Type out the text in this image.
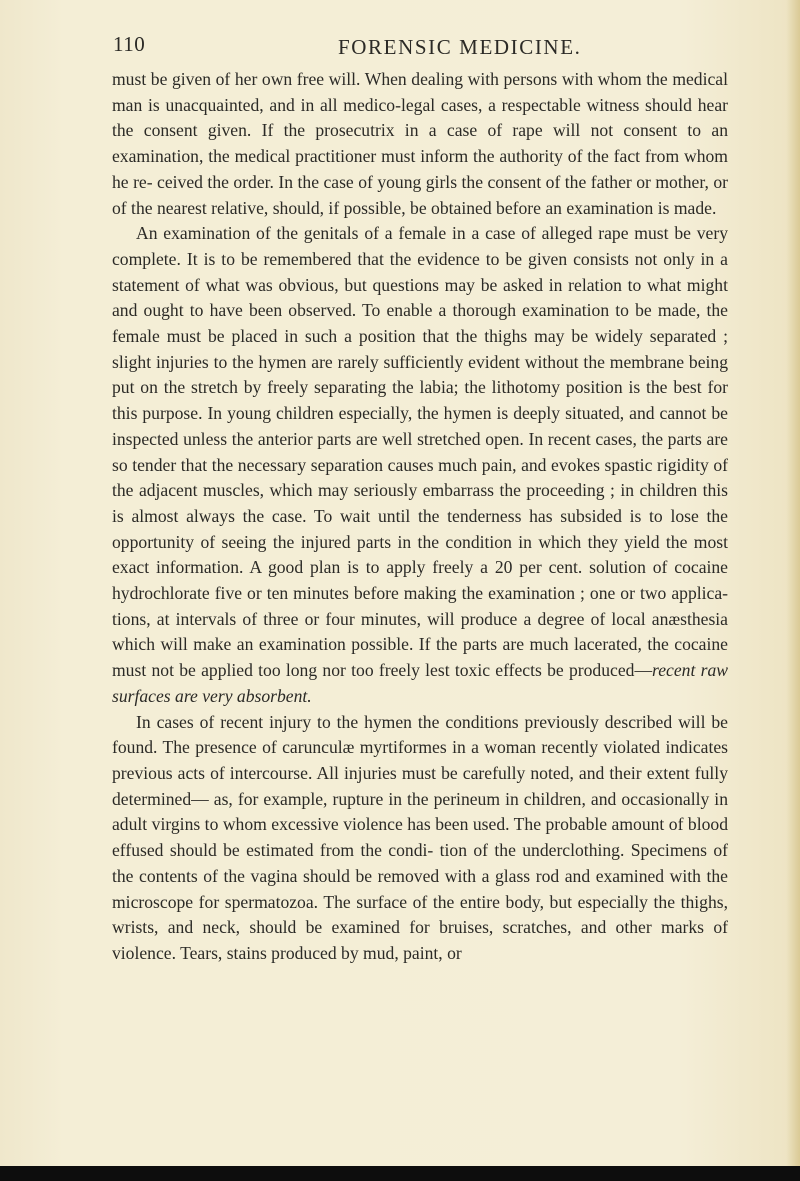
110	FORENSIC MEDICINE.

must be given of her own free will. When dealing with persons with whom the medical man is unacquainted, and in all medico-legal cases, a respectable witness should hear the consent given. If the prosecutrix in a case of rape will not consent to an examination, the medical practitioner must inform the authority of the fact from whom he re- ceived the order. In the case of young girls the consent of the father or mother, or of the nearest relative, should, if possible, be obtained before an examination is made.

An examination of the genitals of a female in a case of alleged rape must be very complete. It is to be remembered that the evidence to be given consists not only in a statement of what was obvious, but questions may be asked in relation to what might and ought to have been observed. To enable a thorough examination to be made, the female must be placed in such a position that the thighs may be widely separated ; slight injuries to the hymen are rarely sufficiently evident without the membrane being put on the stretch by freely separating the labia; the lithotomy position is the best for this purpose. In young children especially, the hymen is deeply situated, and cannot be inspected unless the anterior parts are well stretched open. In recent cases, the parts are so tender that the necessary separation causes much pain, and evokes spastic rigidity of the adjacent muscles, which may seriously embarrass the proceeding ; in children this is almost always the case. To wait until the tenderness has subsided is to lose the opportunity of seeing the injured parts in the condition in which they yield the most exact information. A good plan is to apply freely a 20 per cent. solution of cocaine hydrochlorate five or ten minutes before making the examination ; one or two applica- tions, at intervals of three or four minutes, will produce a degree of local anæsthesia which will make an examination possible. If the parts are much lacerated, the cocaine must not be applied too long nor too freely lest toxic effects be produced—recent raw surfaces are very absorbent.

In cases of recent injury to the hymen the conditions previously described will be found. The presence of carunculæ myrtiformes in a woman recently violated indicates previous acts of intercourse. All injuries must be carefully noted, and their extent fully determined— as, for example, rupture in the perineum in children, and occasionally in adult virgins to whom excessive violence has been used. The probable amount of blood effused should be estimated from the condi- tion of the underclothing. Specimens of the contents of the vagina should be removed with a glass rod and examined with the microscope for spermatozoa. The surface of the entire body, but especially the thighs, wrists, and neck, should be examined for bruises, scratches, and other marks of violence. Tears, stains produced by mud, paint, or
